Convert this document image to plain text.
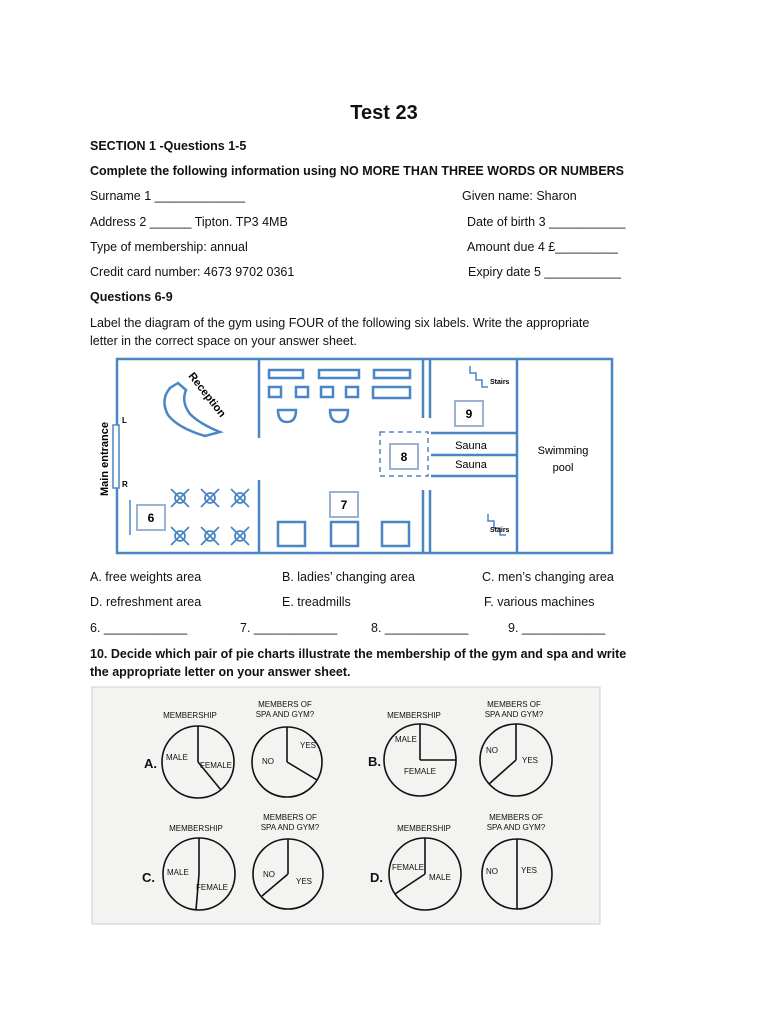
Test 23
SECTION 1 -Questions 1-5
Complete the following information using NO MORE THAN THREE WORDS OR NUMBERS
Surname 1 _____________	Given name: Sharon
Address 2 ______ Tipton. TP3 4MB	Date of birth 3 ___________
Type of membership: annual	Amount due 4 £_________
Credit card number: 4673 9702 0361	Expiry date 5 ___________
Questions 6-9
Label the diagram of the gym using FOUR of the following six labels. Write the appropriate
letter in the correct space on your answer sheet.
6
7
8
9
Reception
Main entrance
L
R
Stairs
Stairs
Sauna
Sauna
Swimming
pool
A. free weights area	B. ladies’ changing area	C. men’s changing area
D. refreshment area	E. treadmills	F. various machines
6. ____________	7. ____________	8. ____________	9. ____________
10. Decide which pair of pie charts illustrate the membership of the gym and spa and write
the appropriate letter on your answer sheet.
MEMBERSHIP
MEMBERS OF
SPA AND GYM?	MEMBERSHIP
MEMBERS OF
SPA AND GYM?
MEMBERSHIP
MEMBERS OF
SPA AND GYM?	MEMBERSHIP
MEMBERS OF
SPA AND GYM?
A.	B.
C.	D.
MALE
FEMALE	NO
YES
MALE
FEMALE
NO
YES
MALE
FEMALE
NO
YES
FEMALE
MALE
NO	YES
